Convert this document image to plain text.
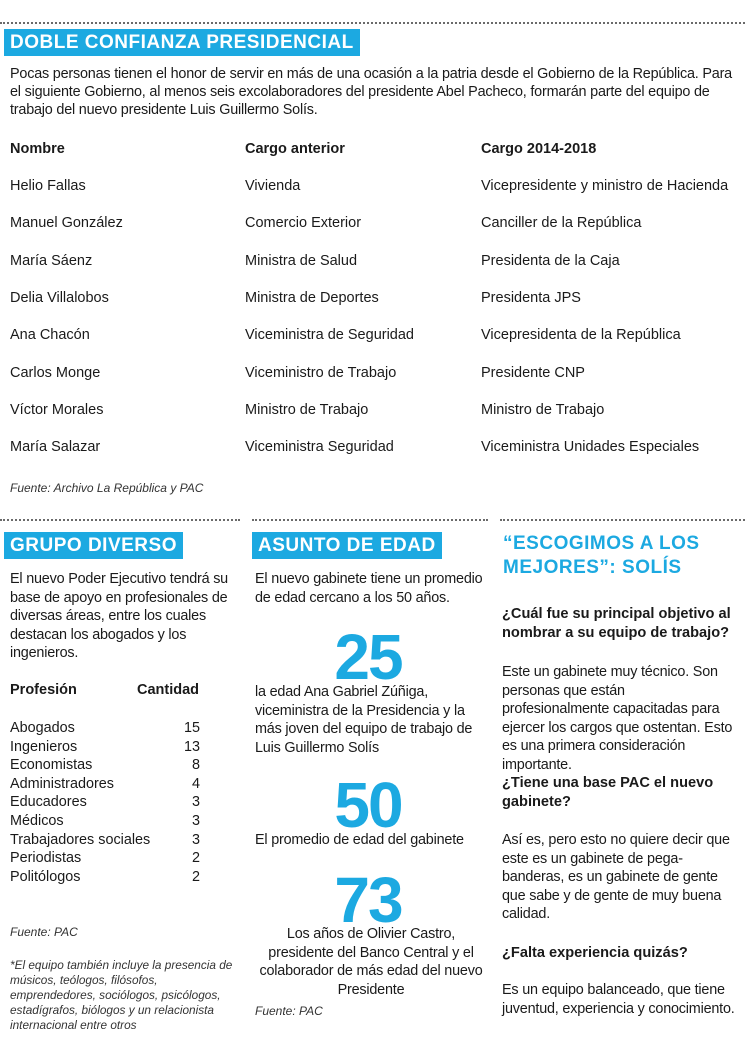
DOBLE CONFIANZA PRESIDENCIAL
Pocas personas tienen el honor de servir en más de una ocasión a la patria desde el Gobierno de la República. Para el siguiente Gobierno, al menos seis excolaboradores del presidente Abel Pacheco, formarán parte del equipo de trabajo del nuevo presidente Luis Guillermo Solís.
Nombre	Cargo anterior	Cargo 2014-2018
Helio Fallas	Vivienda	Vicepresidente y ministro de Hacienda
Manuel González	Comercio Exterior	Canciller de la República
María Sáenz	Ministra de Salud	Presidenta de la Caja
Delia Villalobos	Ministra de Deportes	Presidenta JPS
Ana Chacón	Viceministra de Seguridad	Vicepresidenta de la República
Carlos Monge	Viceministro de Trabajo	Presidente CNP
Víctor Morales	Ministro de Trabajo	Ministro de Trabajo
María Salazar	Viceministra Seguridad	Viceministra Unidades Especiales
Fuente: Archivo La República y PAC
GRUPO DIVERSO
El nuevo Poder Ejecutivo tendrá su base de apoyo en profesionales de diversas áreas, entre los cuales destacan los abogados y los ingenieros.
Profesión	Cantidad
Abogados	15
Ingenieros	13
Economistas	8
Administradores	4
Educadores	3
Médicos	3
Trabajadores sociales	3
Periodistas	2
Politólogos	2
Fuente: PAC
*El equipo también incluye la presencia de músicos, teólogos, filósofos, emprendedores, sociólogos, psicólogos, estadígrafos, biólogos y un relacionista internacional entre otros
ASUNTO DE EDAD
El nuevo gabinete tiene un promedio de edad cercano a los 50 años.
25
la edad Ana Gabriel Zúñiga, viceministra de la Presidencia y la más joven del equipo de trabajo de Luis Guillermo Solís
50
El promedio de edad del gabinete
73
Los años de Olivier Castro, presidente del Banco Central y el colaborador de más edad del nuevo Presidente
Fuente: PAC
“ESCOGIMOS A LOS MEJORES”: SOLÍS
¿Cuál fue su principal objetivo al nombrar a su equipo de trabajo?
Este un gabinete muy técnico. Son personas que están profesionalmente capacitadas para ejercer los cargos que ostentan. Esto es una primera consideración importante.
¿Tiene una base PAC el nuevo gabinete?
Así es, pero esto no quiere decir que este es un gabinete de pega-banderas, es un gabinete de gente que sabe y de gente de muy buena calidad.
¿Falta experiencia quizás?
Es un equipo balanceado, que tiene juventud, experiencia y conocimiento.
